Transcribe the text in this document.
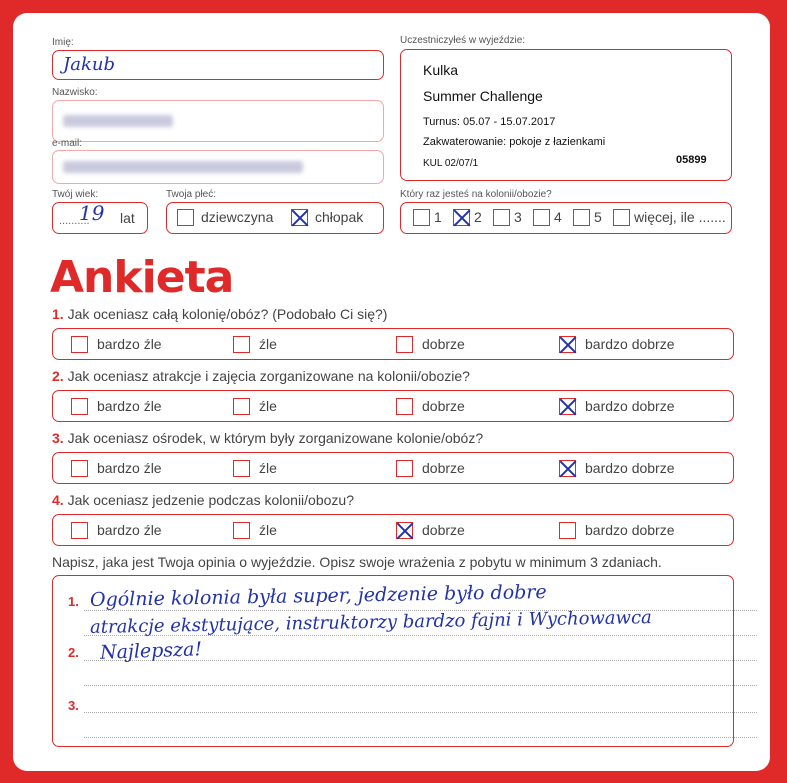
Imię:
Jakub
Nazwisko:
e-mail:
Twój wiek:
..........
19 lat
Twoja płeć:
dziewczyna	chłopak
Uczestniczyłeś w wyjeździe:
Kulka
Summer Challenge
Turnus: 05.07 - 15.07.2017
Zakwaterowanie: pokoje z łazienkami
KUL 02/07/1	05899
Który raz jesteś na kolonii/obozie?
1 2 3 4 5 więcej, ile .......
Ankieta
1. Jak oceniasz całą kolonię/obóz? (Podobało Ci się?)
bardzo źle	źle	dobrze	bardzo dobrze
2. Jak oceniasz atrakcje i zajęcia zorganizowane na kolonii/obozie?
bardzo źle	źle	dobrze	bardzo dobrze
3. Jak oceniasz ośrodek, w którym były zorganizowane kolonie/obóz?
bardzo źle	źle	dobrze	bardzo dobrze
4. Jak oceniasz jedzenie podczas kolonii/obozu?
bardzo źle	źle	dobrze	bardzo dobrze
Napisz, jaka jest Twoja opinia o wyjeździe. Opisz swoje wrażenia z pobytu w minimum 3 zdaniach.
1.
2.
3.
Ogólnie kolonia była super, jedzenie było dobre
atrakcje ekstytujące, instruktorzy bardzo fajni i Wychowawca
Najlepsza!
